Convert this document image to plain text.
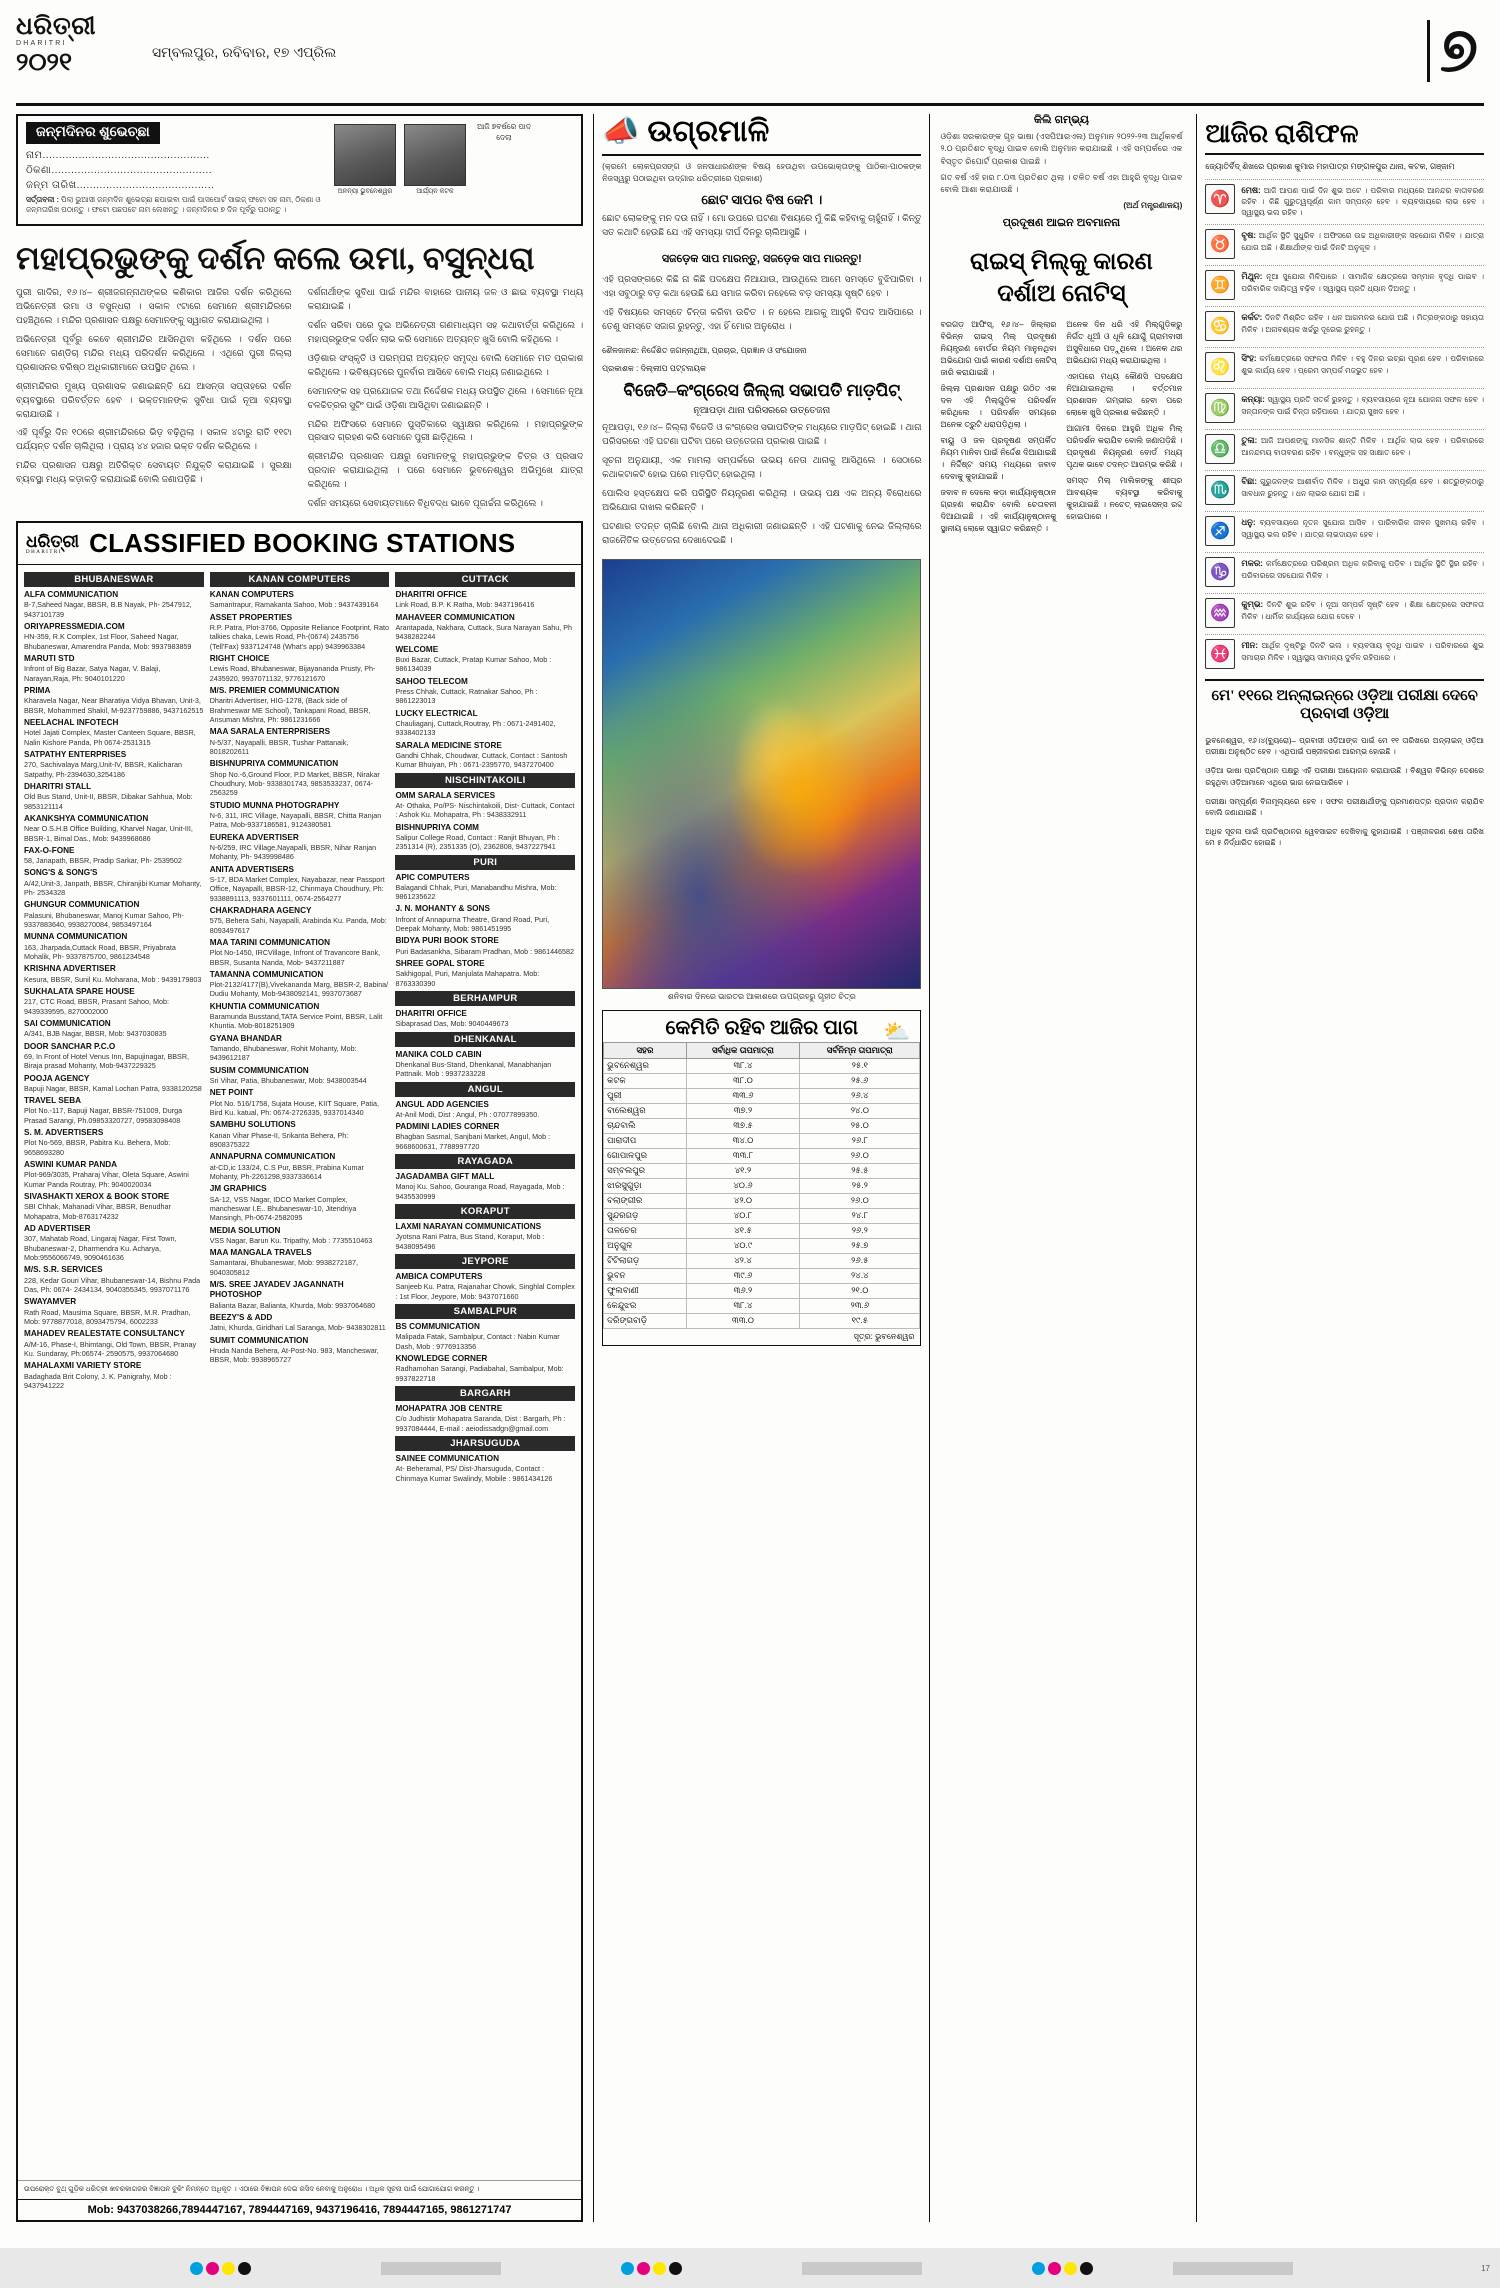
ଧରିତ୍ରୀ
DHARITRI
୨୦୨୧	ସମ୍ବଲପୁର, ରବିବାର, ୧୭ ଏପ୍ରିଲ	୭
ଜନ୍ମଦିନର ଶୁଭେଚ୍ଛା
ନାମ...................................................
ଠିକଣା.................................................
ଜନ୍ମ ତାରିଖ..........................................
ସର୍ତ୍ତାବଳୀ : ପିଲା ଭୁଆସୀ ଜନ୍ମଦିନ ଶୁଭେଚ୍ଛା ଛପାଇବା ପାଇଁ ପାସପୋର୍ଟ ସାଇଜ୍ ଫଟୋ ସହ ନାମ, ଠିକଣା ଓ ଜନ୍ମତାରିଖ ପଠାନ୍ତୁ । ଫଟୋ ପଛପଟେ ନାମ ଲେଖନ୍ତୁ । ଜନ୍ମଦିନର ୭ ଦିନ ପୂର୍ବରୁ ପଠାନ୍ତୁ ।
ଅନନ୍ୟା ଭୁବନେଶ୍ୱର	ଆର୍ଯ୍ୟନ କଟକ
ଆଜି ୭ବର୍ଷରେ ପାଦ ଦେଲା
ମହାପ୍ରଭୁଙ୍କୁ ଦର୍ଶନ କଲେ ଉମା, ବସୁନ୍ଧରା

ପୁରୀ ଗାଦିର, ୧୬।୪– ଶ୍ରୀଜଗନ୍ନାଥଙ୍କର କଣିକାର ଆଜିର ଦର୍ଶନ କରିଥିଲେ ଅଭିନେତ୍ରୀ ଉମା ଓ ବସୁନ୍ଧରା । ସକାଳ ୯ଟାରେ ସେମାନେ ଶ୍ରୀମନ୍ଦିରରେ ପହଞ୍ଚିଥିଲେ । ମନ୍ଦିର ପ୍ରଶାସନ ପକ୍ଷରୁ ସେମାନଙ୍କୁ ସ୍ୱାଗତ କରାଯାଇଥିଲା ।

ଅଭିନେତ୍ରୀ ପୂର୍ବରୁ କେବେ ଶ୍ରୀମନ୍ଦିର ଆସିନଥିବା କହିଥିଲେ । ଦର୍ଶନ ପରେ ସେମାନେ ଗଣ୍ଡିଚା ମନ୍ଦିର ମଧ୍ୟ ପରିଦର୍ଶନ କରିଥିଲେ । ଏଥିରେ ପୁରୀ ଜିଲ୍ଲା ପ୍ରଶାସନର ବରିଷ୍ଠ ଅଧିକାରୀମାନେ ଉପସ୍ଥିତ ଥିଲେ ।

ଶ୍ରୀମନ୍ଦିରର ମୁଖ୍ୟ ପ୍ରଶାସକ ଜଣାଇଛନ୍ତି ଯେ ଆସନ୍ତା ସପ୍ତାହରେ ଦର୍ଶନ ବ୍ୟବସ୍ଥାରେ ପରିବର୍ତ୍ତନ ହେବ । ଭକ୍ତମାନଙ୍କ ସୁବିଧା ପାଇଁ ନୂଆ ବ୍ୟବସ୍ଥା କରାଯାଉଛି ।

ଏହି ପୂର୍ବରୁ ଦିନ ୧୦ରେ ଶ୍ରୀମନ୍ଦିରରେ ଭିଡ଼ ବଢ଼ିଥିଲା । ସକାଳ ୪ଟାରୁ ରାତି ୧୧ଟା ପର୍ଯ୍ୟନ୍ତ ଦର୍ଶନ ଚାଲିଥିଲା । ପ୍ରାୟ ୪୪ ହଜାର ଭକ୍ତ ଦର୍ଶନ କରିଥିଲେ ।

ମନ୍ଦିର ପ୍ରଶାସନ ପକ୍ଷରୁ ଅତିରିକ୍ତ ସେବାୟତ ନିଯୁକ୍ତି କରାଯାଇଛି । ସୁରକ୍ଷା ବ୍ୟବସ୍ଥା ମଧ୍ୟ କଡ଼ାକଡ଼ି କରାଯାଇଛି ବୋଲି ଜଣାପଡ଼ିଛି ।

ଦର୍ଶନାର୍ଥୀଙ୍କ ସୁବିଧା ପାଇଁ ମନ୍ଦିର ବାହାରେ ପାନୀୟ ଜଳ ଓ ଛାଇ ବ୍ୟବସ୍ଥା ମଧ୍ୟ କରାଯାଇଛି ।

ଦର୍ଶନ ସରିବା ପରେ ଦୁଇ ଅଭିନେତ୍ରୀ ଗଣମାଧ୍ୟମ ସହ କଥାବାର୍ତ୍ତା କରିଥିଲେ । ମହାପ୍ରଭୁଙ୍କ ଦର୍ଶନ ଲାଭ କରି ସେମାନେ ଅତ୍ୟନ୍ତ ଖୁସି ବୋଲି କହିଥିଲେ ।

ଓଡ଼ିଶାର ସଂସ୍କୃତି ଓ ପରମ୍ପରା ଅତ୍ୟନ୍ତ ସମୃଦ୍ଧ ବୋଲି ସେମାନେ ମତ ପ୍ରକାଶ କରିଥିଲେ । ଭବିଷ୍ୟତରେ ପୁନର୍ବାର ଆସିବେ ବୋଲି ମଧ୍ୟ ଜଣାଇଥିଲେ ।

ସେମାନଙ୍କ ସହ ପ୍ରଯୋଜକ ତଥା ନିର୍ଦ୍ଦେଶକ ମଧ୍ୟ ଉପସ୍ଥିତ ଥିଲେ । ସେମାନେ ନୂଆ ଚଳଚ୍ଚିତ୍ରର ସୁଟିଂ ପାଇଁ ଓଡ଼ିଶା ଆସିଥିବା ଜଣାଇଛନ୍ତି ।

ମନ୍ଦିର ଅଫିସରେ ସେମାନେ ପୁସ୍ତିକାରେ ସ୍ୱାକ୍ଷର କରିଥିଲେ । ମହାପ୍ରଭୁଙ୍କ ପ୍ରସାଦ ଗ୍ରହଣ କରି ସେମାନେ ପୁରୀ ଛାଡ଼ିଥିଲେ ।

ଶ୍ରୀମନ୍ଦିର ପ୍ରଶାସନ ପକ୍ଷରୁ ସେମାନଙ୍କୁ ମହାପ୍ରଭୁଙ୍କ ଚିତ୍ର ଓ ପ୍ରସାଦ ପ୍ରଦାନ କରାଯାଇଥିଲା । ପରେ ସେମାନେ ଭୁବନେଶ୍ୱର ଅଭିମୁଖେ ଯାତ୍ରା କରିଥିଲେ ।

ଦର୍ଶନ ସମୟରେ ସେବାୟତମାନେ ବିଧିବଦ୍ଧ ଭାବେ ପୂଜାର୍ଚ୍ଚନା କରିଥିଲେ ।

ଧରିତ୍ରୀ
DHARITRI	CLASSIFIED BOOKING STATIONS
BHUBANESWAR
ALFA COMMUNICATION
B-7,Saheed Nagar, BBSR, B.B Nayak, Ph- 2547912, 9437101739
ORIYAPRESSMEDIA.COM
HN-359, R.K Complex, 1st Floor, Saheed Nagar, Bhubaneswar, Amarendra Panda, Mob: 9937983859
MARUTI STD
Infront of Big Bazar, Satya Nagar, V. Balaji, Narayan,Raja, Ph: 9040101220
PRIMA
Kharavela Nagar, Near Bharatiya Vidya Bhavan, Unit-3, BBSR, Mohammed Shakil, M-9237759886, 9437162515
NEELACHAL INFOTECH
Hotel Jajati Complex, Master Canteen Square, BBSR, Nalin Kishore Panda, Ph 0674-2531315
SATPATHY ENTERPRISES
270, Sachivalaya Marg,Unit-IV, BBSR, Kalicharan Satpathy, Ph-2394630,3254186
DHARITRI STALL
Old Bus Stand, Unit-II, BBSR, Dibakar Sahhua, Mob: 9853121114
AKANKSHYA COMMUNICATION
Near O.S.H.B Office Building, Kharvel Nagar, Unit-III, BBSR-1, Bimal Das., Mob: 9439968686
FAX-O-FONE
58, Janapath, BBSR, Pradip Sarkar, Ph- 2539502
SONG'S & SONG'S
A/42,Unit-3, Janpath, BBSR, Chiranjibi Kumar Mohanty, Ph- 2534328
GHUNGUR COMMUNICATION
Palasuni, Bhubaneswar, Manoj Kumar Sahoo, Ph- 9337883640, 9938270084, 9853497164
MUNNA COMMUNICATION
163, Jharpada,Cuttack Road, BBSR, Priyabrata Mohalik, Ph- 9337875700, 9861234548
KRISHNA ADVERTISER
Kesura, BBSR, Sunil Ku. Moharana, Mob : 9439179803
SUKHALATA SPARE HOUSE
217, CTC Road, BBSR, Prasant Sahoo, Mob: 9439339595, 8270002000
SAI COMMUNICATION
A/341, BJB Nagar, BBSR, Mob: 9437030835
DOOR SANCHAR P.C.O
69, In Front of Hotel Venus Inn, Bapujinagar, BBSR, Biraja prasad Mohanty, Mob-9437229325
POOJA AGENCY
Bapuji Nagar, BBSR, Kamal Lochan Patra, 9338120258
TRAVEL SEBA
Plot No.-117, Bapuji Nagar, BBSR-751009, Durga Prasad Sarangi, Ph.09853320727, 09583098408
S. M. ADVERTISERS
Plot No-569, BBSR, Pabitra Ku. Behera, Mob: 9658693280
ASWINI KUMAR PANDA
Plot-969/3035, Praharaj Vihar, Oleta Square, Aswini Kumar Panda Routray, Ph: 9040020034
SIVASHAKTI XEROX & BOOK STORE
SBI Chhak, Mahanadi Vihar, BBSR, Benudhar Mohapatra, Mob-8763174232
AD ADVERTISER
307, Mahatab Road, Lingaraj Nagar, First Town, Bhubaneswar-2, Dharmendra Ku. Acharya, Mob:9556066749, 9090461636
M/S. S.R. SERVICES
228, Kedar Gouri Vihar, Bhubaneswar-14, Bishnu Pada Das, Ph: 0674- 2434134, 9040355345, 9937071176
SWAYAMVER
Rath Road, Mausima Square, BBSR, M.R. Pradhan, Mob: 9778877018, 8093475794, 6002233
MAHADEV REALESTATE CONSULTANCY
A/M-16, Phase-I, Bhimtangi, Old Town, BBSR, Pranay Ku. Sundaray, Ph:06574- 2590575, 9937064680
MAHALAXMI VARIETY STORE
Badaghada Brit Colony, J. K. Panigrahy, Mob : 9437941222
KANAN COMPUTERS
KANAN COMPUTERS
Samantrapur, Ramakanta Sahoo, Mob : 9437439164
ASSET PROPERTIES
R.P. Patra, Plot-3766, Opposite Reliance Footprint, Rato talkies chaka, Lewis Road, Ph-(0674) 2435756 (Tell'Fax) 9337124748 (What's app) 9439963384
RIGHT CHOICE
Lewis Road, Bhubaneswar, Bijayananda Prusty, Ph-2435920, 9937071132, 9776121670
M/S. PREMIER COMMUNICATION
Dharitri Advertiser, HIG-1278, (Back side of Brahmeswar ME School), Tankapani Road, BBSR, Ansuman Mishra, Ph: 9861231666
MAA SARALA ENTERPRISERS
N-5/37, Nayapalli, BBSR, Tushar Pattanaik, 8018202611
BISHNUPRIYA COMMUNICATION
Shop No.-6,Ground Floor, P.D Market, BBSR, Nirakar Choudhury, Mob- 9338301743, 9853533237, 0674-2563259
STUDIO MUNNA PHOTOGRAPHY
N-6, 311, IRC Village, Nayapalli, BBSR, Chitta Ranjan Patra, Mob-9337186581, 9124380581
EUREKA ADVERTISER
N-6/259, IRC Village,Nayapalli, BBSR, Nihar Ranjan Mohanty, Ph- 9439998486
ANITA ADVERTISERS
S-17, BDA Market Complex, Nayabazar, near Passport Office, Nayapalli, BBSR-12, Chinmaya Choudhury, Ph: 9338891113, 9337601111, 0674-2564277
CHAKRADHARA AGENCY
575, Behera Sahi, Nayapalli, Arabinda Ku. Panda, Mob: 8093497617
MAA TARINI COMMUNICATION
Plot No-1450, IRCVillage, Infront of Travancore Bank, BBSR, Susanta Nanda, Mob- 9437211887
TAMANNA COMMUNICATION
Plot-2132/4177(B),Vivekananda Marg, BBSR-2, Babina/ Dudiu Mohanty, Mob-9438092141, 9937073687
KHUNTIA COMMUNICATION
Baramunda Busstand,TATA Service Point, BBSR, Lalit Khuntia. Mob-8018251909
GYANA BHANDAR
Tamando, Bhubaneswar, Rohit Mohanty, Mob: 9439612187
SUSIM COMMUNICATION
Sri Vihar, Patia, Bhubaneswar, Mob: 9438003544
NET POINT
Plot No. 516/1758, Sujata House, KIIT Square, Patia, Bird Ku. katual, Ph: 0674-2726335, 9337014340
SAMBHU SOLUTIONS
Kanan Vihar Phase-II, Srikanta Behera, Ph: 8908375322
ANNAPURNA COMMUNICATION
at-CD,ic 133/24, C.S Pur, BBSR, Prabina Kumar Mohanty, Ph-2261298,9337336614
JM GRAPHICS
SA-12, VSS Nagar, IDCO Market Complex, mancheswar I.E.. Bhubaneswar-10, Jitendriya Mansingh, Ph-0674-2582095
MEDIA SOLUTION
VSS Nagar, Barun Ku. Tripathy, Mob : 7735510463
MAA MANGALA TRAVELS
Samantarai, Bhubaneswar, Mob: 9938272187, 9040305812
M/S. SREE JAYADEV JAGANNATH PHOTOSHOP
Balianta Bazar, Balianta, Khurda, Mob: 9937064680
BEEZY'S & ADD
Jatni, Khurda, Giridhari Lal Saranga, Mob- 9438302811
SUMIT COMMUNICATION
Hruda Nanda Behera, At-Post-No. 983, Mancheswar, BBSR, Mob: 9938965727
CUTTACK
DHARITRI OFFICE
Link Road, B.P. K Ratha, Mob: 9437196416
MAHAVEER COMMUNICATION
Arantapada, Nakhara, Cuttack, Sura Narayan Sahu, Ph 9438282244
WELCOME
Buxi Bazar, Cuttack, Pratap Kumar Sahoo, Mob : 986134039
SAHOO TELECOM
Press Chhak, Cuttack, Ratnakar Sahoo, Ph : 9861223013
LUCKY ELECTRICAL
Chauliaganj, Cuttack,Routray, Ph : 0671-2491402, 9338402133
SARALA MEDICINE STORE
Gandhi Chhak, Choudwar, Cuttack, Contact : Santosh Kumar Bhuiyan, Ph : 0671-2395770, 9437270400
NISCHINTAKOILI
OMM SARALA SERVICES
At- Othaka, Po/PS- Nischintakoili, Dist- Cuttack, Contact : Ashok Ku. Mohapatra, Ph : 9438332911
BISHNUPRIYA COMM
Salipur College Road, Contact : Ranjit Bhuyan, Ph : 2351314 (R), 2351335 (O), 2362808, 9437227941
PURI
APIC COMPUTERS
Balagandi Chhak, Puri, Manabandhu Mishra, Mob: 9861235622
J. N. MOHANTY & SONS
Infront of Annapurna Theatre, Grand Road, Puri, Deepak Mohanty, Mob: 9861451995
BIDYA PURI BOOK STORE
Puri Badasankha, Sibaram Pradhan, Mob : 9861446582
SHREE GOPAL STORE
Sakhigopal, Puri, Manjulata Mahapatra. Mob: 8763330390
BERHAMPUR
DHARITRI OFFICE
Sibaprasad Das, Mob: 9040449673
DHENKANAL
MANIKA COLD CABIN
Dhenkanal Bus-Stand, Dhenkanal, Manabhanjan Pattnaik. Mob : 9937233228
ANGUL
ANGUL ADD AGENCIES
At-Anil Modi, Dist : Angul, Ph : 07077899350.
PADMINI LADIES CORNER
Bhagban Sasmal, Sanjbani Market, Angul, Mob : 9668600631, 7788997720
RAYAGADA
JAGADAMBA GIFT MALL
Manoj Ku. Sahoo, Gouranga Road, Rayagada, Mob : 9435530999
KORAPUT
LAXMI NARAYAN COMMUNICATIONS
Jyotsna Rani Patra, Bus Stand, Koraput, Mob : 9438095496
JEYPORE
AMBICA COMPUTERS
Sanjeeb Ku. Patra, Rajanahar Chowk, Singhlal Complex : 1st Floor, Jeypore, Mob: 9437071660
SAMBALPUR
BS COMMUNICATION
Malipada Fatak, Sambalpur, Contact : Nabin Kumar Dash, Mob : 9776913356
KNOWLEDGE CORNER
Radhamohan Sarangi, Padiabahal, Sambalpur, Mob: 9937822718
BARGARH
MOHAPATRA JOB CENTRE
C/o Judhistir Mohapatra Saranda, Dist : Bargarh, Ph : 9937084444, E-mail : aeiodissadgn@gmail.com
JHARSUGUDA
SAINEE COMMUNICATION
At- Beheramal, PS/ Dist-Jharsuguda, Contact : Chinmaya Kumar Swalindy, Mobile : 9861434126
ଉପରୋକ୍ତ ବୁଥ୍ ଗୁଡ଼ିକ ଧରିତ୍ରୀ ଖବରକାଗଜର ବିଜ୍ଞାପନ ବୁକିଂ ନିମନ୍ତେ ଅଧିକୃତ । ଏଠାରେ ବିଜ୍ଞାପନ ଦେଇ ରସିଦ ନେବାକୁ ଅନୁରୋଧ । ଅଧିକ ସୂଚନା ପାଇଁ ଯୋଗାଯୋଗ କରନ୍ତୁ ।
Mob: 9437038266,7894447167, 7894447169, 9437196416, 7894447165, 9861271747
📣 ଉଗ୍ରମାଳି
(କ୍ରମେ ଲୋକପ୍ରସଙ୍ଗ ଓ ଜନସାଧାରଣଙ୍କ ବିଷୟ ହେଉଥିବା ଉପଭୋକ୍ତାଙ୍କୁ ପାଠିକା-ପାଠକଙ୍କ ନିଜସ୍ୱରୁ ପଠାଇଥିବା ଉଦ୍ଗାର ଧରିତ୍ରୀରେ ପ୍ରକାଶ)
ଛୋଟ ସାପର ବିଷ କେମି ।

ଛୋଟ ଲୋକଙ୍କୁ ମନ ଦଉ ନାହିଁ । ମୋ ଉପରେ ଘଟଣା ବିଷୟରେ ମୁଁ କିଛି କହିବାକୁ ଚାହୁଁନାହିଁ । କିନ୍ତୁ ସତ କଥାଟି ହେଉଛି ଯେ ଏହି ସମସ୍ୟା ଦୀର୍ଘ ଦିନରୁ ଚାଲିଆସୁଛି ।

ସଜଡ଼େକ ସାପ ମାରନ୍ତୁ, ସଜଡ଼େକ ସାପ ମାରନ୍ତୁ!

ଏହି ପ୍ରସଙ୍ଗରେ କିଛି ନା କିଛି ପଦକ୍ଷେପ ନିଆଯାଉ, ଆଉଥିଲେ ଆମେ ସମସ୍ତେ ବୁଝିପାରିବା । ଏହା ସବୁଠାରୁ ବଡ଼ କଥା ହେଉଛି ଯେ ସମାଜ କରିବା ନହେଲେ ବଡ଼ ସମସ୍ୟା ସୃଷ୍ଟି ହେବ ।

ଏହି ବିଷୟରେ ସମସ୍ତେ ଚିନ୍ତା କରିବା ଉଚିତ । ନ ହେଲେ ଆଗକୁ ଆହୁରି ବିପଦ ଆସିପାରେ । ତେଣୁ ସମସ୍ତେ ସଜାଗ ରୁହନ୍ତୁ, ଏହା ହିଁ ମୋର ଅନୁରୋଧ ।

ଶୈଳଜାନନ୍ଦ: ନିର୍ଦ୍ଦେଶିତ ଜଗନ୍ନାଥିଆ, ପ୍ରଚାର, ପ୍ରଜ୍ଞାନ ଓ ସଂଯୋଜନା
ପ୍ରକାଶକ : ଦିଲ୍ଲୀପ ପଟ୍ଟନାୟକ
ବିଜେଡି–କଂଗ୍ରେସ ଜିଲ୍ଲା ସଭାପତି ମାଡ଼ପିଟ୍
ନୂଆପଡ଼ା ଥାନା ପରିସରରେ ଉତ୍ତେଜନା

ନୂଆପଡ଼ା, ୧୬।୪– ଜିଲ୍ଲା ବିଜେଡି ଓ କଂଗ୍ରେସ ସଭାପତିଙ୍କ ମଧ୍ୟରେ ମାଡ଼ପିଟ୍ ହୋଇଛି । ଥାନା ପରିସରରେ ଏହି ଘଟଣା ଘଟିବା ପରେ ଉତ୍ତେଜନା ପ୍ରକାଶ ପାଇଛି ।

ସୂଚନା ଅନୁଯାୟୀ, ଏକ ମାମଲା ସମ୍ପର୍କରେ ଉଭୟ ନେତା ଥାନାକୁ ଆସିଥିଲେ । ସେଠାରେ କଥାକଟାକଟି ହୋଇ ପରେ ମାଡ଼ପିଟ୍ ହୋଇଥିଲା ।

ପୋଲିସ ହସ୍ତକ୍ଷେପ କରି ପରିସ୍ଥିତି ନିୟନ୍ତ୍ରଣ କରିଥିଲା । ଉଭୟ ପକ୍ଷ ଏକ ଅନ୍ୟ ବିରୋଧରେ ଅଭିଯୋଗ ଦାଖଲ କରିଛନ୍ତି ।

ଘଟଣାର ତଦନ୍ତ ଚାଲିଛି ବୋଲି ଥାନା ଅଧିକାରୀ ଜଣାଇଛନ୍ତି । ଏହି ଘଟଣାକୁ ନେଇ ଜିଲ୍ଲାରେ ରାଜନୈତିକ ଉତ୍ତେଜନା ଦେଖାଦେଇଛି ।

ଶନିବାର ଦିନରେ ଭାରତର ଆକାଶରେ ଉପଗ୍ରହରୁ ଗୃହୀତ ଚିତ୍ର
କେମିତି ରହିବ ଆଜିର ପାଗ ⛅
ସହର	ସର୍ବାଧିକ ତାପମାତ୍ରା	ସର୍ବନିମ୍ନ ତାପମାତ୍ରା
ଭୁବନେଶ୍ୱର	୩୮.୪	୨୫.୧
କଟକ	୩୮.୦	୨୫.୬
ପୁରୀ	୩୩.୬	୨୬.୪
ବାଲେଶ୍ୱର	୩୭.୨	୨୪.୦
ଚାନ୍ଦବାଲି	୩୭.୫	୨୫.୦
ପାରାଦୀପ	୩୪.୦	୨୬.୮
ଗୋପାଳପୁର	୩୩.୮	୨୬.୦
ସମ୍ବଲପୁର	୪୧.୨	୨୫.୫
ଝାରସୁଗୁଡ଼ା	୪୦.୬	୨୫.୨
ବଲାଙ୍ଗୀର	୪୨.୦	୨୬.୦
ସୁନ୍ଦରଗଡ଼	୪୦.୮	୨୪.୮
ତାଳଚେର	୪୧.୫	୨୬.୨
ଅନୁଗୁଳ	୪୦.୯	୨୫.୭
ଟିଟିଲାଗଡ଼	୪୨.୪	୨୬.୫
ଭୁବନ	୩୯.୬	୨୪.୪
ଫୁଲବାଣୀ	୩୬.୨	୨୧.୦
କେନ୍ଦୁଝର	୩୮.୪	୨୩.୬
ଦରିଙ୍ଗବାଡ଼ି	୩୩.୦	୧୯.୫
ସୂତ୍ର: ଭୁବନେଶ୍ୱର
କିଲି ଗମ୍ଭ୍ୟ

ଓଡ଼ିଶା ସରକାରଙ୍କ ଗୃହ ଭାଷା (ଏସପିଆରଏଲ) ଅନୁମାନ ୨୦୨୨-୨୩ ଆର୍ଥିକବର୍ଷ ୨.୦ ପ୍ରତିଶତ ବୃଦ୍ଧି ପାଇବ ବୋଲି ଅନୁମାନ କରାଯାଇଛି । ଏହି ସମ୍ପର୍କରେ ଏକ ବିସ୍ତୃତ ରିପୋର୍ଟ ପ୍ରକାଶ ପାଇଛି ।

ଗତ ବର୍ଷ ଏହି ହାର ୮.୦୩ ପ୍ରତିଶତ ଥିଲା । ଚଳିତ ବର୍ଷ ଏହା ଆହୁରି ବୃଦ୍ଧି ପାଇବ ବୋଲି ଆଶା କରାଯାଉଛି ।

(ଅର୍ଥ ମନ୍ତ୍ରଣାଳୟ)

ପ୍ରଦୂଷଣ ଆଇନ ଅବମାନନା
ରାଇସ୍ ମିଲ୍‌କୁ କାରଣ ଦର୍ଶାଅ ନୋଟିସ୍

ବରଗଡ଼ ଆଫିସ୍, ୧୬।୪– ଜିଲ୍ଲାର ବିଭିନ୍ନ ରାଇସ୍ ମିଲ୍ ପ୍ରଦୂଷଣ ନିୟନ୍ତ୍ରଣ ବୋର୍ଡର ନିୟମ ମାନୁନଥିବା ଅଭିଯୋଗ ପାଇଁ କାରଣ ଦର୍ଶାଅ ନୋଟିସ୍ ଜାରି କରାଯାଇଛି ।

ଜିଲ୍ଲା ପ୍ରଶାସନ ପକ୍ଷରୁ ଗଠିତ ଏକ ଦଳ ଏହି ମିଲ୍‌ଗୁଡ଼ିକ ପରିଦର୍ଶନ କରିଥିଲେ । ପରିଦର୍ଶନ ସମୟରେ ଅନେକ ତ୍ରୁଟି ଧରାପଡ଼ିଥିଲା ।

ବାୟୁ ଓ ଜଳ ପ୍ରଦୂଷଣ ସମ୍ପର୍କିତ ନିୟମ ମାନିବା ପାଇଁ ନିର୍ଦ୍ଦେଶ ଦିଆଯାଇଛି । ନିର୍ଦ୍ଦିଷ୍ଟ ସମୟ ମଧ୍ୟରେ ଜବାବ ଦେବାକୁ କୁହାଯାଇଛି ।

ଜବାବ ନ ଦେଲେ କଡ଼ା କାର୍ଯ୍ୟାନୁଷ୍ଠାନ ଗ୍ରହଣ କରାଯିବ ବୋଲି ଚେତାବନୀ ଦିଆଯାଇଛି । ଏହି କାର୍ଯ୍ୟାନୁଷ୍ଠାନକୁ ସ୍ଥାନୀୟ ଲୋକେ ସ୍ୱାଗତ କରିଛନ୍ତି ।

ଅନେକ ଦିନ ଧରି ଏହି ମିଲ୍‌ଗୁଡ଼ିକରୁ ନିର୍ଗତ ଧୂଆଁ ଓ ଧୂଳି ଯୋଗୁଁ ଗ୍ରାମବାସୀ ଅସୁବିଧାରେ ପଡ଼ୁଥିଲେ । ଅନେକ ଥର ଅଭିଯୋଗ ମଧ୍ୟ କରାଯାଇଥିଲା ।

ଏହାପରେ ମଧ୍ୟ କୌଣସି ପଦକ୍ଷେପ ନିଆଯାଇନଥିଲା । ବର୍ତ୍ତମାନ ପ୍ରଶାସନ ଗମ୍ଭୀର ହେବା ପରେ ଲୋକେ ଖୁସି ପ୍ରକାଶ କରିଛନ୍ତି ।

ଆଗାମୀ ଦିନରେ ଆହୁରି ଅଧିକ ମିଲ୍ ପରିଦର୍ଶନ କରାଯିବ ବୋଲି ଜଣାପଡ଼ିଛି । ପ୍ରଦୂଷଣ ନିୟନ୍ତ୍ରଣ ବୋର୍ଡ ମଧ୍ୟ ପୃଥକ ଭାବେ ତଦନ୍ତ ଆରମ୍ଭ କରିଛି ।

ସମସ୍ତ ମିଲ୍ ମାଲିକଙ୍କୁ ଶୀଘ୍ର ଆବଶ୍ୟକ ବ୍ୟବସ୍ଥା କରିବାକୁ କୁହାଯାଇଛି । ନଚେତ୍ ଲାଇସେନ୍ସ ରଦ୍ଦ ହୋଇପାରେ ।

ଆଜିର ରାଶିଫଳ
ଜ୍ୟୋତିର୍ବିଦ୍ ଶିଖରେ ପ୍ରକାଶ କୁମାର ମହାପାତ୍ର ମଙ୍ଗଳପୁର ଥାନା, କଟକ, ଗଞ୍ଜାମ
♈
ମେଷ: ଆଜି ଆପଣ ପାଇଁ ଦିନ ଶୁଭ ଅଟେ । ପରିବାର ମଧ୍ୟରେ ଆନନ୍ଦର ବାତାବରଣ ରହିବ । କିଛି ଗୁରୁତ୍ୱପୂର୍ଣ୍ଣ କାମ ସମ୍ପନ୍ନ ହେବ । ବ୍ୟବସାୟରେ ଲାଭ ହେବ । ସ୍ୱାସ୍ଥ୍ୟ ଭଲ ରହିବ ।
♉
ବୃଷ: ଆର୍ଥିକ ସ୍ଥିତି ସୁଧୁରିବ । ଅଫିସରେ ଉଚ୍ଚ ଅଧିକାରୀଙ୍କ ସହଯୋଗ ମିଳିବ । ଯାତ୍ରା ଯୋଗ ଅଛି । ଶିକ୍ଷାର୍ଥୀଙ୍କ ପାଇଁ ଦିନଟି ଅନୁକୂଳ ।
♊
ମିଥୁନ: ନୂଆ ସୁଯୋଗ ମିଳିପାରେ । ସାମାଜିକ କ୍ଷେତ୍ରରେ ସମ୍ମାନ ବୃଦ୍ଧି ପାଇବ । ପରିବାରିକ ଦାୟିତ୍ୱ ବଢ଼ିବ । ସ୍ୱାସ୍ଥ୍ୟ ପ୍ରତି ଧ୍ୟାନ ଦିଅନ୍ତୁ ।
♋
କର୍କଟ: ଦିନଟି ମିଶ୍ରିତ ରହିବ । ଧନ ଆଗମନର ଯୋଗ ଅଛି । ମିତ୍ରଙ୍କଠାରୁ ସହାୟତା ମିଳିବ । ଅନାବଶ୍ୟକ ଖର୍ଚ୍ଚରୁ ଦୂରେଇ ରୁହନ୍ତୁ ।
♌
ସିଂହ: କର୍ମକ୍ଷେତ୍ରରେ ସଫଳତା ମିଳିବ । ବହୁ ଦିନର ଇଚ୍ଛା ପୂରଣ ହେବ । ପରିବାରରେ ଶୁଭ କାର୍ଯ୍ୟ ହେବ । ପ୍ରେମ ସମ୍ପର୍କ ମଜଭୁତ ହେବ ।
♍
କନ୍ୟା: ସ୍ୱାସ୍ଥ୍ୟ ପ୍ରତି ସତର୍କ ରୁହନ୍ତୁ । ବ୍ୟବସାୟରେ ନୂଆ ଯୋଜନା ସଫଳ ହେବ । ସନ୍ତାନଙ୍କ ପାଇଁ ଚିନ୍ତା ରହିପାରେ । ଯାତ୍ରା ସୁଖଦ ହେବ ।
♎
ତୁଳା: ଆଜି ଆପଣଙ୍କୁ ମାନସିକ ଶାନ୍ତି ମିଳିବ । ଆର୍ଥିକ ଲାଭ ହେବ । ପରିବାରରେ ଆନନ୍ଦମୟ ବାତାବରଣ ରହିବ । ବନ୍ଧୁଙ୍କ ସହ ସାକ୍ଷାତ ହେବ ।
♏
ବିଛା: ଗୁରୁଜନଙ୍କ ଆଶୀର୍ବାଦ ମିଳିବ । ଅଧୁରା କାମ ସମ୍ପୂର୍ଣ୍ଣ ହେବ । ଶତ୍ରୁଙ୍କଠାରୁ ସାବଧାନ ରୁହନ୍ତୁ । ଧନ ଲାଭର ଯୋଗ ଅଛି ।
♐
ଧନୁ: ବ୍ୟବସାୟରେ ନୂତନ ସୁଯୋଗ ଆସିବ । ପାରିବାରିକ ଜୀବନ ସୁଖମୟ ରହିବ । ସ୍ୱାସ୍ଥ୍ୟ ଭଲ ରହିବ । ଯାତ୍ରା ଲାଭଦାୟକ ହେବ ।
♑
ମକର: କର୍ମକ୍ଷେତ୍ରରେ ପରିଶ୍ରମ ଅଧିକ କରିବାକୁ ପଡ଼ିବ । ଆର୍ଥିକ ସ୍ଥିତି ସ୍ଥିର ରହିବ । ପରିବାରରେ ସହଯୋଗ ମିଳିବ ।
♒
କୁମ୍ଭ: ଦିନଟି ଶୁଭ ରହିବ । ନୂଆ ସମ୍ପର୍କ ସୃଷ୍ଟି ହେବ । ଶିକ୍ଷା କ୍ଷେତ୍ରରେ ସଫଳତା ମିଳିବ । ଧାର୍ମିକ କାର୍ଯ୍ୟରେ ଯୋଗ ଦେବେ ।
♓
ମୀନ: ଆର୍ଥିକ ଦୃଷ୍ଟିରୁ ଦିନଟି ଭଲ । ବ୍ୟବସାୟ ବୃଦ୍ଧି ପାଇବ । ପରିବାରରେ ଶୁଭ ସମାଚାର ମିଳିବ । ସ୍ୱାସ୍ଥ୍ୟ ସାମାନ୍ୟ ଦୁର୍ବଳ ରହିପାରେ ।
ମେ' ୧୧ରେ ଅନ୍‌ଲାଇନ୍‌ରେ ଓଡ଼ିଆ ପରୀକ୍ଷା ଦେବେ ପ୍ରବାସୀ ଓଡ଼ିଆ

ଭୁବନେଶ୍ୱର, ୧୬।୪(ବ୍ୟୁରୋ)– ପ୍ରବାସୀ ଓଡ଼ିଆଙ୍କ ପାଇଁ ମେ ୧୧ ତାରିଖରେ ଅନ୍‌ଲାଇନ୍ ଓଡ଼ିଆ ପରୀକ୍ଷା ଅନୁଷ୍ଠିତ ହେବ । ଏଥିପାଇଁ ପଞ୍ଜୀକରଣ ଆରମ୍ଭ ହୋଇଛି ।

ଓଡ଼ିଆ ଭାଷା ପ୍ରତିଷ୍ଠାନ ପକ୍ଷରୁ ଏହି ପରୀକ୍ଷା ଆୟୋଜନ କରାଯାଉଛି । ବିଶ୍ୱର ବିଭିନ୍ନ ଦେଶରେ ରହୁଥିବା ଓଡ଼ିଆମାନେ ଏଥିରେ ଭାଗ ନେଇପାରିବେ ।

ପରୀକ୍ଷା ସମ୍ପୂର୍ଣ୍ଣ ବିନାମୂଲ୍ୟରେ ହେବ । ସଫଳ ପରୀକ୍ଷାର୍ଥୀଙ୍କୁ ପ୍ରମାଣପତ୍ର ପ୍ରଦାନ କରାଯିବ ବୋଲି ଜଣାଯାଇଛି ।

ଅଧିକ ସୂଚନା ପାଇଁ ପ୍ରତିଷ୍ଠାନର ୱେବସାଇଟ ଦେଖିବାକୁ କୁହାଯାଇଛି । ପଞ୍ଜୀକରଣ ଶେଷ ତାରିଖ ମେ ୫ ନିର୍ଦ୍ଧାରିତ ହୋଇଛି ।

17
